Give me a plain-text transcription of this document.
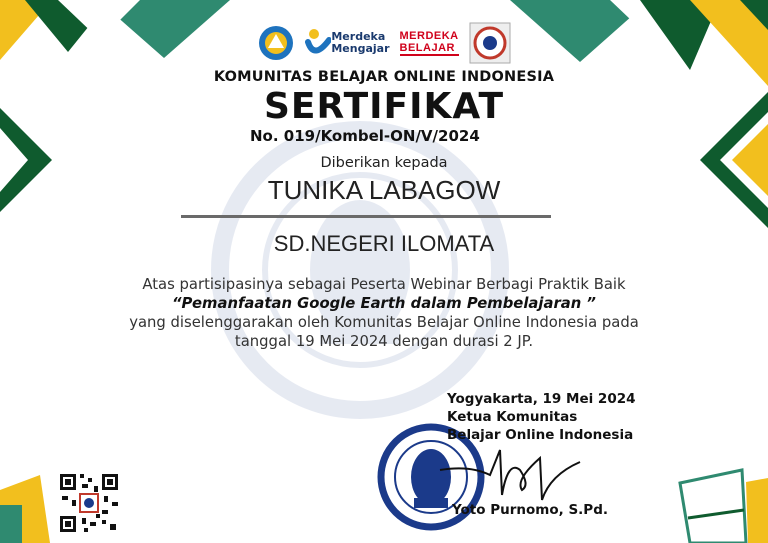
Merdeka
Mengajar
MERDEKA
BELAJAR
KOMUNITAS BELAJAR ONLINE INDONESIA
SERTIFIKAT
No. 019/Kombel-ON/V/2024
Diberikan kepada
TUNIKA LABAGOW
SD.NEGERI ILOMATA
Atas partisipasinya sebagai Peserta Webinar Berbagi Praktik Baik
“Pemanfaatan Google Earth dalam Pembelajaran ”
yang diselenggarakan oleh Komunitas Belajar Online Indonesia pada
tanggal 19 Mei 2024 dengan durasi 2 JP.
Yogyakarta, 19 Mei 2024
Ketua Komunitas
Belajar Online Indonesia
Yoto Purnomo, S.Pd.
